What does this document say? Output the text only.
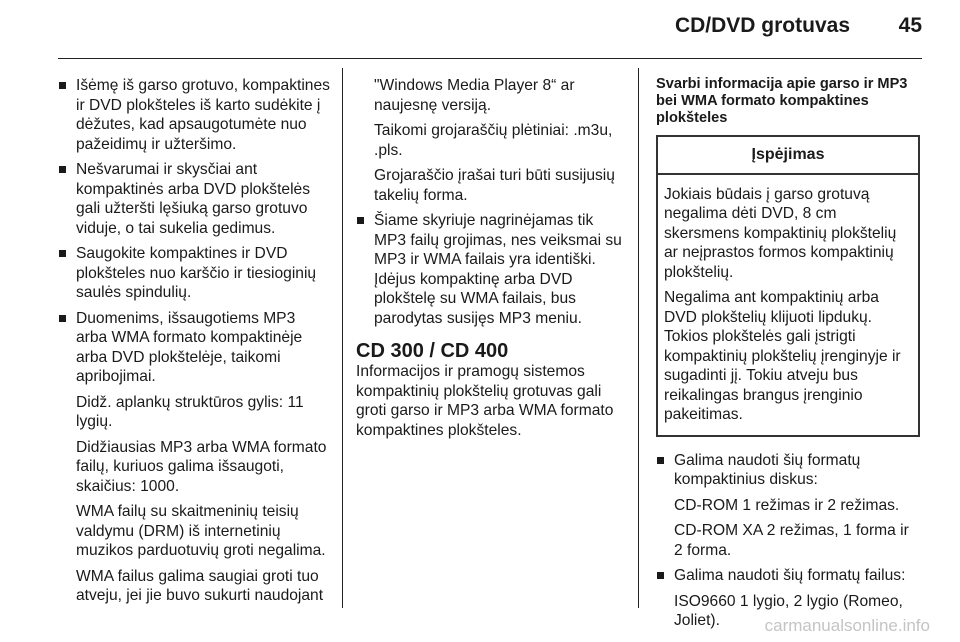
CD/DVD grotuvas	45
Išėmę iš garso grotuvo, kompaktines ir DVD plokšteles iš karto sudėkite į dėžutes, kad apsaugotumėte nuo pažeidimų ir užteršimo.
Nešvarumai ir skysčiai ant kompaktinės arba DVD plokštelės gali užteršti lęšiuką garso grotuvo viduje, o tai sukelia gedimus.
Saugokite kompaktines ir DVD plokšteles nuo karščio ir tiesioginių saulės spindulių.
Duomenims, išsaugotiems MP3 arba WMA formato kompaktinėje arba DVD plokštelėje, taikomi apribojimai.

Didž. aplankų struktūros gylis: 11 lygių.

Didžiausias MP3 arba WMA formato failų, kuriuos galima išsaugoti, skaičius: 1000.

WMA failų su skaitmeninių teisių valdymu (DRM) iš internetinių muzikos parduotuvių groti negalima.

WMA failus galima saugiai groti tuo atveju, jei jie buvo sukurti naudojant

"Windows Media Player 8“ ar naujesnę versiją.

Taikomi grojaraščių plėtiniai: .m3u, .pls.

Grojaraščio įrašai turi būti susijusių takelių forma.

Šiame skyriuje nagrinėjamas tik MP3 failų grojimas, nes veiksmai su MP3 ir WMA failais yra identiški. Įdėjus kompaktinę arba DVD plokštelę su WMA failais, bus parodytas susijęs MP3 meniu.
CD 300 / CD 400

Informacijos ir pramogų sistemos kompaktinių plokštelių grotuvas gali groti garso ir MP3 arba WMA formato kompaktines plokšteles.

Svarbi informacija apie garso ir MP3 bei WMA formato kompaktines plokšteles
Įspėjimas

Jokiais būdais į garso grotuvą negalima dėti DVD, 8 cm skersmens kompaktinių plokštelių ar neįprastos formos kompaktinių plokštelių.

Negalima ant kompaktinių arba DVD plokštelių klijuoti lipdukų. Tokios plokštelės gali įstrigti kompaktinių plokštelių įrenginyje ir sugadinti jį. Tokiu atveju bus reikalingas brangus įrenginio pakeitimas.

Galima naudoti šių formatų kompaktinius diskus:

CD-ROM 1 režimas ir 2 režimas.

CD-ROM XA 2 režimas, 1 forma ir 2 forma.

Galima naudoti šių formatų failus:

ISO9660 1 lygio, 2 lygio (Romeo, Joliet).	carmanualsonline.info
